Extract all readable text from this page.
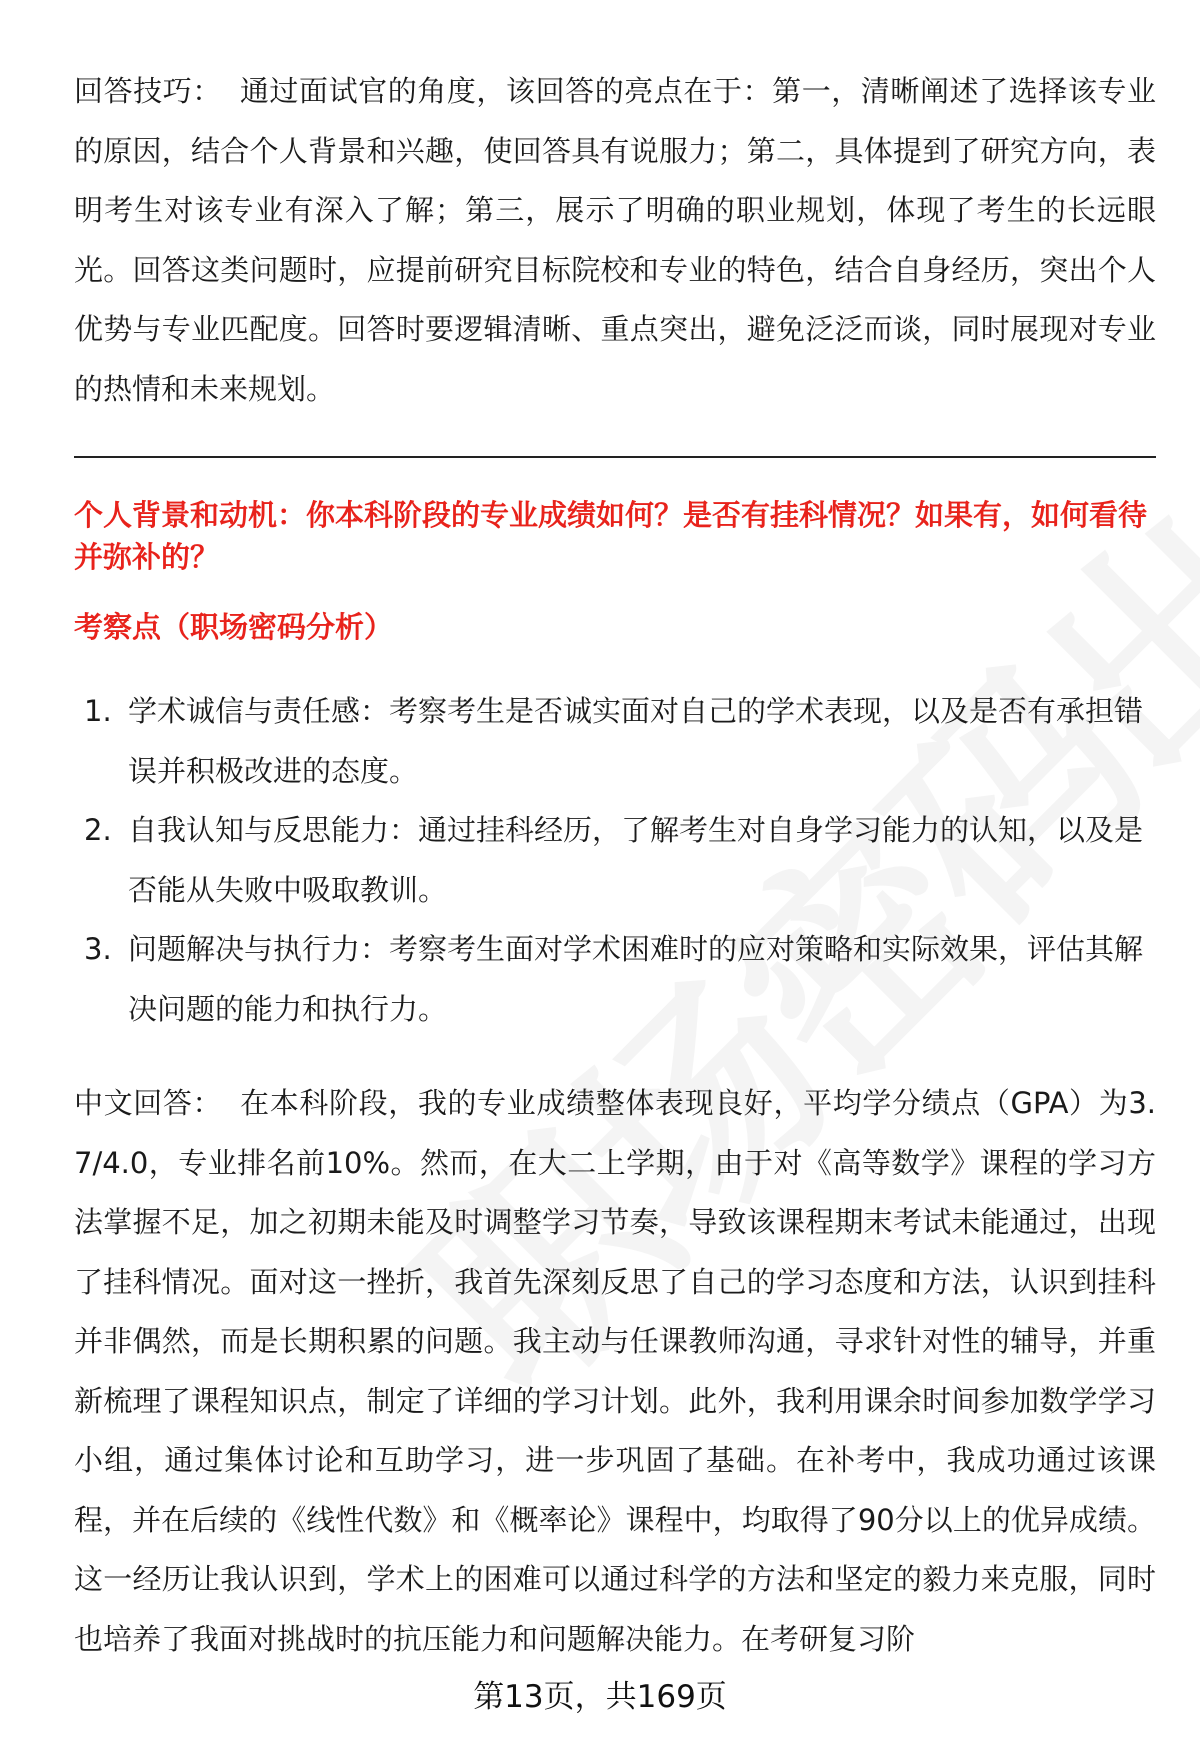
回答技巧： 通过面试官的角度，该回答的亮点在于：第一，清晰阐述了选择该专业的原因，结合个人背景和兴趣，使回答具有说服力；第二，具体提到了研究方向，表明考生对该专业有深入了解；第三，展示了明确的职业规划，体现了考生的长远眼光。回答这类问题时，应提前研究目标院校和专业的特色，结合自身经历，突出个人优势与专业匹配度。回答时要逻辑清晰、重点突出，避免泛泛而谈，同时展现对专业的热情和未来规划。

个人背景和动机：你本科阶段的专业成绩如何？是否有挂科情况？如果有，如何看待并弥补的？
考察点（职场密码分析）
1. 学术诚信与责任感：考察考生是否诚实面对自己的学术表现，以及是否有承担错误并积极改进的态度。
2. 自我认知与反思能力：通过挂科经历，了解考生对自身学习能力的认知，以及是否能从失败中吸取教训。
3. 问题解决与执行力：考察考生面对学术困难时的应对策略和实际效果，评估其解决问题的能力和执行力。

中文回答： 在本科阶段，我的专业成绩整体表现良好，平均学分绩点（GPA）为3.7/4.0，专业排名前10%。然而，在大二上学期，由于对《高等数学》课程的学习方法掌握不足，加之初期未能及时调整学习节奏，导致该课程期末考试未能通过，出现了挂科情况。面对这一挫折，我首先深刻反思了自己的学习态度和方法，认识到挂科并非偶然，而是长期积累的问题。我主动与任课教师沟通，寻求针对性的辅导，并重新梳理了课程知识点，制定了详细的学习计划。此外，我利用课余时间参加数学学习小组，通过集体讨论和互助学习，进一步巩固了基础。在补考中，我成功通过该课程，并在后续的《线性代数》和《概率论》课程中，均取得了90分以上的优异成绩。这一经历让我认识到，学术上的困难可以通过科学的方法和坚定的毅力来克服，同时也培养了我面对挑战时的抗压能力和问题解决能力。在考研复习阶

第13页，共169页
